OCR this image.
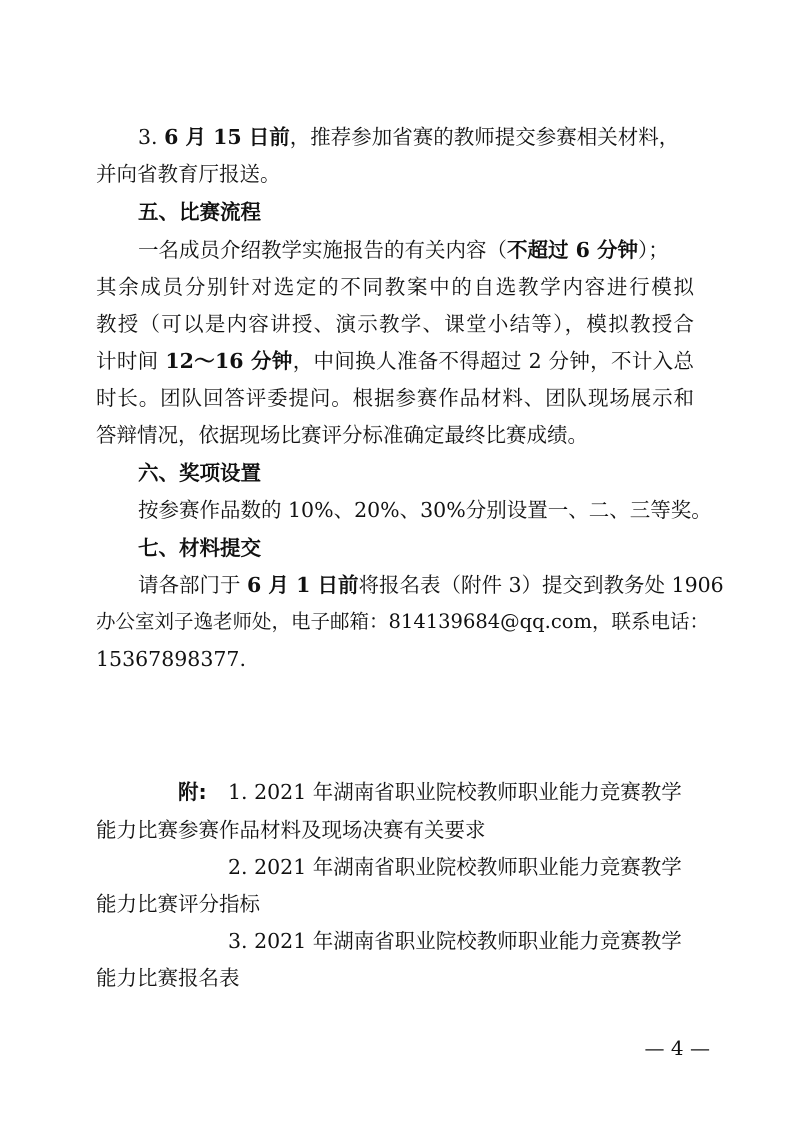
3. 6 月 15 日前，推荐参加省赛的教师提交参赛相关材料，
并向省教育厅报送。
五、比赛流程
一名成员介绍教学实施报告的有关内容（不超过 6 分钟）；
其余成员分别针对选定的不同教案中的自选教学内容进行模拟
教授（可以是内容讲授、演示教学、课堂小结等），模拟教授合
计时间 12～16 分钟，中间换人准备不得超过 2 分钟，不计入总
时长。团队回答评委提问。根据参赛作品材料、团队现场展示和
答辩情况，依据现场比赛评分标准确定最终比赛成绩。
六、奖项设置
按参赛作品数的 10%、20%、30%分别设置一、二、三等奖。
七、材料提交
请各部门于 6 月 1 日前将报名表（附件 3）提交到教务处 1906
办公室刘子逸老师处，电子邮箱：814139684@qq.com，联系电话：
15367898377.
附:	1. 2021 年湖南省职业院校教师职业能力竞赛教学
能力比赛参赛作品材料及现场决赛有关要求
2. 2021 年湖南省职业院校教师职业能力竞赛教学
能力比赛评分指标
3. 2021 年湖南省职业院校教师职业能力竞赛教学
能力比赛报名表
— 4 —
